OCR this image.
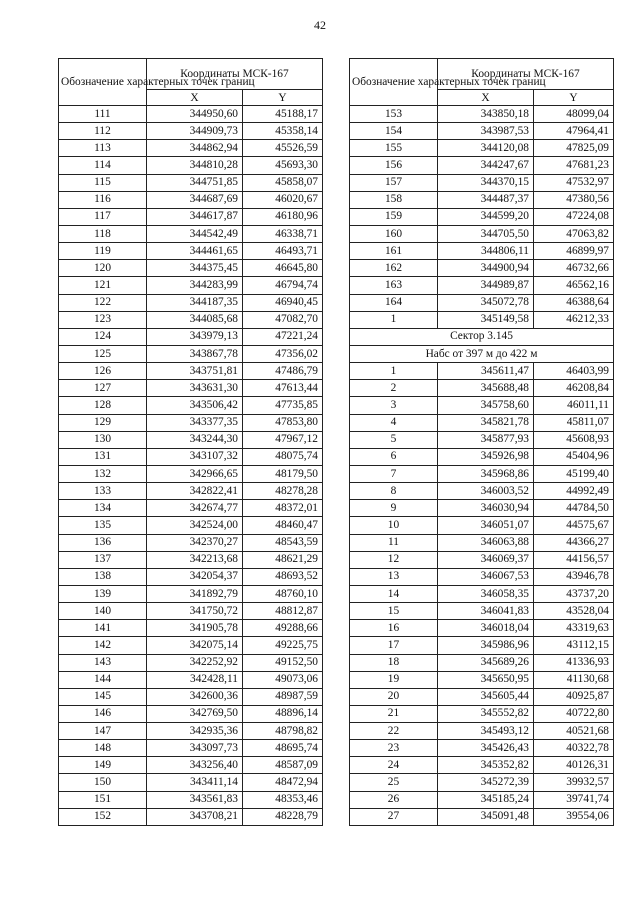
42
Обозначение характерных точек границ	Координаты МСК-167	
	X	Y
111	344950,60	45188,17
112	344909,73	45358,14
113	344862,94	45526,59
114	344810,28	45693,30
115	344751,85	45858,07
116	344687,69	46020,67
117	344617,87	46180,96
118	344542,49	46338,71
119	344461,65	46493,71
120	344375,45	46645,80
121	344283,99	46794,74
122	344187,35	46940,45
123	344085,68	47082,70
124	343979,13	47221,24
125	343867,78	47356,02
126	343751,81	47486,79
127	343631,30	47613,44
128	343506,42	47735,85
129	343377,35	47853,80
130	343244,30	47967,12
131	343107,32	48075,74
132	342966,65	48179,50
133	342822,41	48278,28
134	342674,77	48372,01
135	342524,00	48460,47
136	342370,27	48543,59
137	342213,68	48621,29
138	342054,37	48693,52
139	341892,79	48760,10
140	341750,72	48812,87
141	341905,78	49288,66
142	342075,14	49225,75
143	342252,92	49152,50
144	342428,11	49073,06
145	342600,36	48987,59
146	342769,50	48896,14
147	342935,36	48798,82
148	343097,73	48695,74
149	343256,40	48587,09
150	343411,14	48472,94
151	343561,83	48353,46
152	343708,21	48228,79
Обозначение характерных точек границ	Координаты МСК-167	
	X	Y
153	343850,18	48099,04
154	343987,53	47964,41
155	344120,08	47825,09
156	344247,67	47681,23
157	344370,15	47532,97
158	344487,37	47380,56
159	344599,20	47224,08
160	344705,50	47063,82
161	344806,11	46899,97
162	344900,94	46732,66
163	344989,87	46562,16
164	345072,78	46388,64
1	345149,58	46212,33
Сектор 3.145		
Набс от 397 м до 422 м		
1	345611,47	46403,99
2	345688,48	46208,84
3	345758,60	46011,11
4	345821,78	45811,07
5	345877,93	45608,93
6	345926,98	45404,96
7	345968,86	45199,40
8	346003,52	44992,49
9	346030,94	44784,50
10	346051,07	44575,67
11	346063,88	44366,27
12	346069,37	44156,57
13	346067,53	43946,78
14	346058,35	43737,20
15	346041,83	43528,04
16	346018,04	43319,63
17	345986,96	43112,15
18	345689,26	41336,93
19	345650,95	41130,68
20	345605,44	40925,87
21	345552,82	40722,80
22	345493,12	40521,68
23	345426,43	40322,78
24	345352,82	40126,31
25	345272,39	39932,57
26	345185,24	39741,74
27	345091,48	39554,06
